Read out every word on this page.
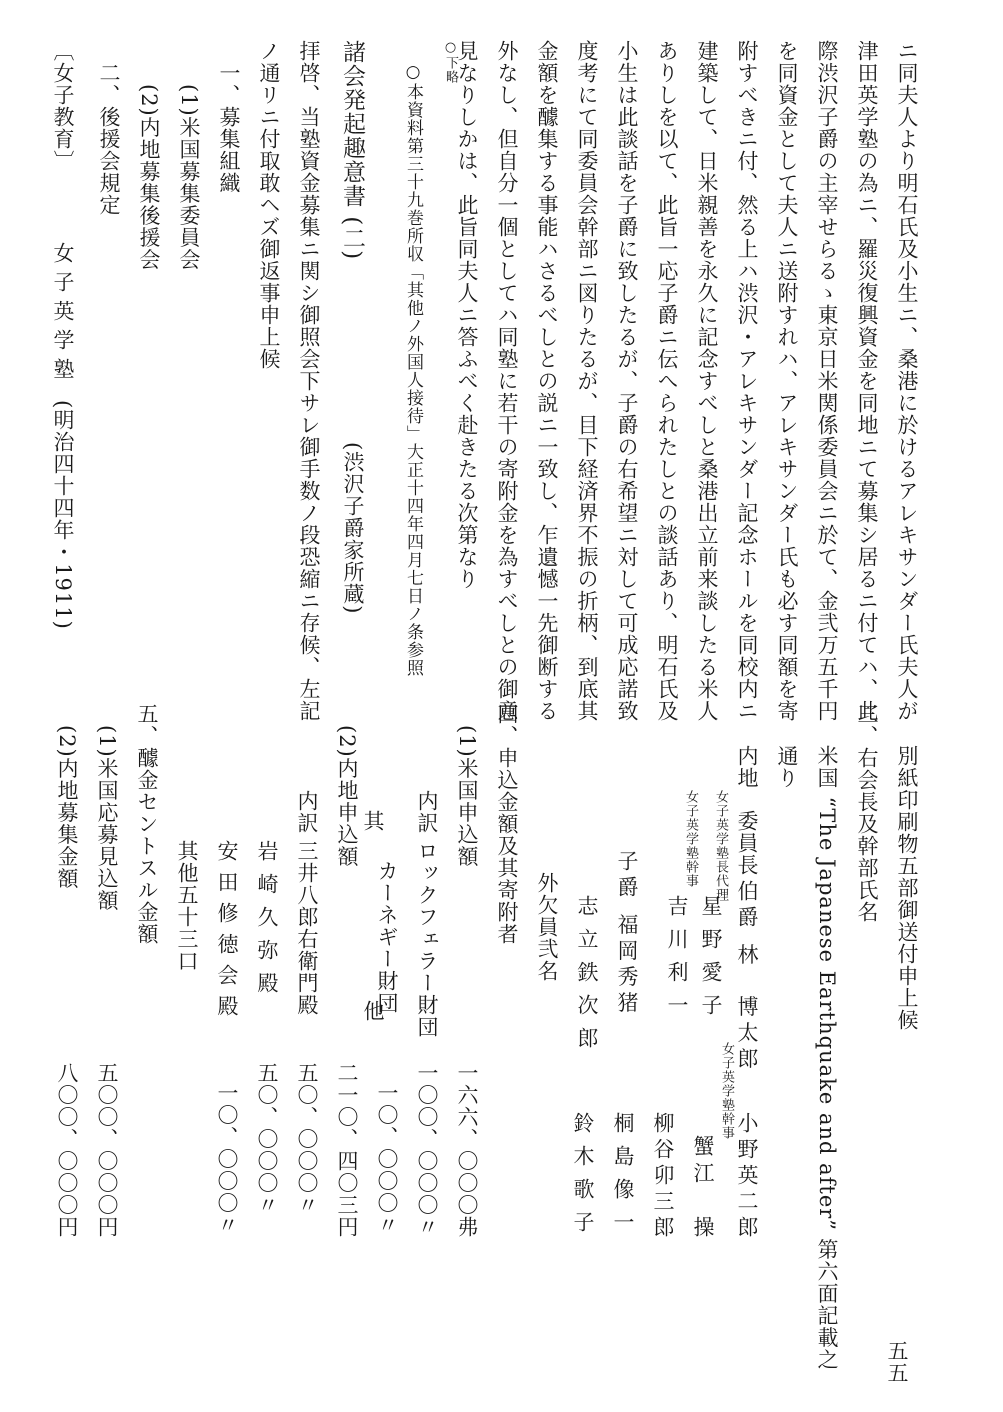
ニ同夫人より明石氏及小生ニ、桑港に於けるアレキサンダー氏夫人が
津田英学塾の為ニ、羅災復興資金を同地ニて募集シ居るニ付てハ、此
際渋沢子爵の主宰せらるゝ東京日米関係委員会ニ於て、金弐万五千円
を同資金として夫人ニ送附すれハ、アレキサンダー氏も必す同額を寄
附すべきニ付、然る上ハ渋沢・アレキサンダー記念ホールを同校内ニ
建築して、日米親善を永久に記念すべしと桑港出立前来談したる米人
ありしを以て、此旨一応子爵ニ伝へられたしとの談話あり、明石氏及
小生は此談話を子爵に致したるが、子爵の右希望ニ対して可成応諾致
度考にて同委員会幹部ニ図りたるが、目下経済界不振の折柄、到底其
金額を醵集する事能ハさるべしとの説ニ一致し、乍遺憾一先御断する
外なし、但自分一個としてハ同塾に若干の寄附金を為すべしとの御意
見なりしかは、此旨同夫人ニ答ふべく赴きたる次第なり
○下略
○本資料第三十九巻所収「其他ノ外国人接待」大正十四年四月七日ノ条参照
諸会発起趣意書 (二)
(渋沢子爵家所蔵)
拝啓、当塾資金募集ニ関シ御照会下サレ御手数ノ段恐縮ニ存候、左記
ノ通リニ付取敢ヘズ御返事申上候
一、募集組織
(1)米国募集委員会
(2)内地募集後援会
二、後援会規定
〔女子教育〕
女子英学塾
(明治四十四年・1911)
別紙印刷物五部御送付申上候
三、右会長及幹部氏名
米国 “The Japanese Earthquake and after” 第六面記載之
通り
内地
委員長
伯爵 林　博太郎
女子英学塾長代理
星野愛子
女子英学塾幹事
吉川利一
女子英学塾幹事
小野英二郎
蟹江　操
子爵 福岡秀猪
柳谷卯三郎
志立鉄次郎
桐島像一
外欠員弐名
鈴木歌子
四、申込金額及其寄附者
(1)米国申込額
一六六、〇〇〇弗
内訳
ロックフェラー財団
一〇〇、〇〇〇〃
カーネギー財団
一〇、〇〇〇〃
其
他
(2)内地申込額
二一〇、四〇三円
内訳
三井八郎右衛門殿
五〇、〇〇〇〃
岩崎久弥殿
五〇、〇〇〇〃
安田修徳会殿
一〇、〇〇〇〃
其他五十三口
五、醵金セントスル金額
(1)米国応募見込額
五〇〇、〇〇〇円
(2)内地募集金額
八〇〇、〇〇〇円
五五
